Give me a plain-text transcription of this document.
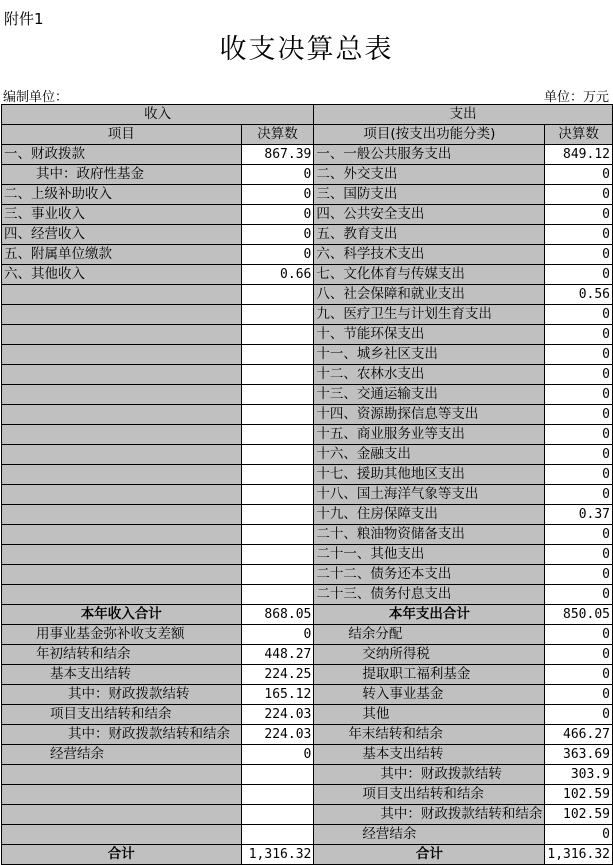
附件1
收支决算总表
编制单位：	单位：万元
收入		支出	
项目	决算数	项目(按支出功能分类)	决算数
一、财政拨款	867.39	一、一般公共服务支出	849.12
其中：政府性基金	0	二、外交支出	0
二、上级补助收入	0	三、国防支出	0
三、事业收入	0	四、公共安全支出	0
四、经营收入	0	五、教育支出	0
五、附属单位缴款	0	六、科学技术支出	0
六、其他收入	0.66	七、文化体育与传媒支出	0
		八、社会保障和就业支出	0.56
		九、医疗卫生与计划生育支出	0
		十、节能环保支出	0
		十一、城乡社区支出	0
		十二、农林水支出	0
		十三、交通运输支出	0
		十四、资源勘探信息等支出	0
		十五、商业服务业等支出	0
		十六、金融支出	0
		十七、援助其他地区支出	0
		十八、国土海洋气象等支出	0
		十九、住房保障支出	0.37
		二十、粮油物资储备支出	0
		二十一、其他支出	0
		二十二、债务还本支出	0
		二十三、债务付息支出	0
本年收入合计	868.05	本年支出合计	850.05
用事业基金弥补收支差额	0	结余分配	0
年初结转和结余	448.27	交纳所得税	0
基本支出结转	224.25	提取职工福利基金	0
其中：财政拨款结转	165.12	转入事业基金	0
项目支出结转和结余	224.03	其他	0
其中：财政拨款结转和结余	224.03	年末结转和结余	466.27
经营结余	0	基本支出结转	363.69
		其中：财政拨款结转	303.9
		项目支出结转和结余	102.59
		其中：财政拨款结转和结余	102.59
		经营结余	0
合计	1,316.32	合计	1,316.32
